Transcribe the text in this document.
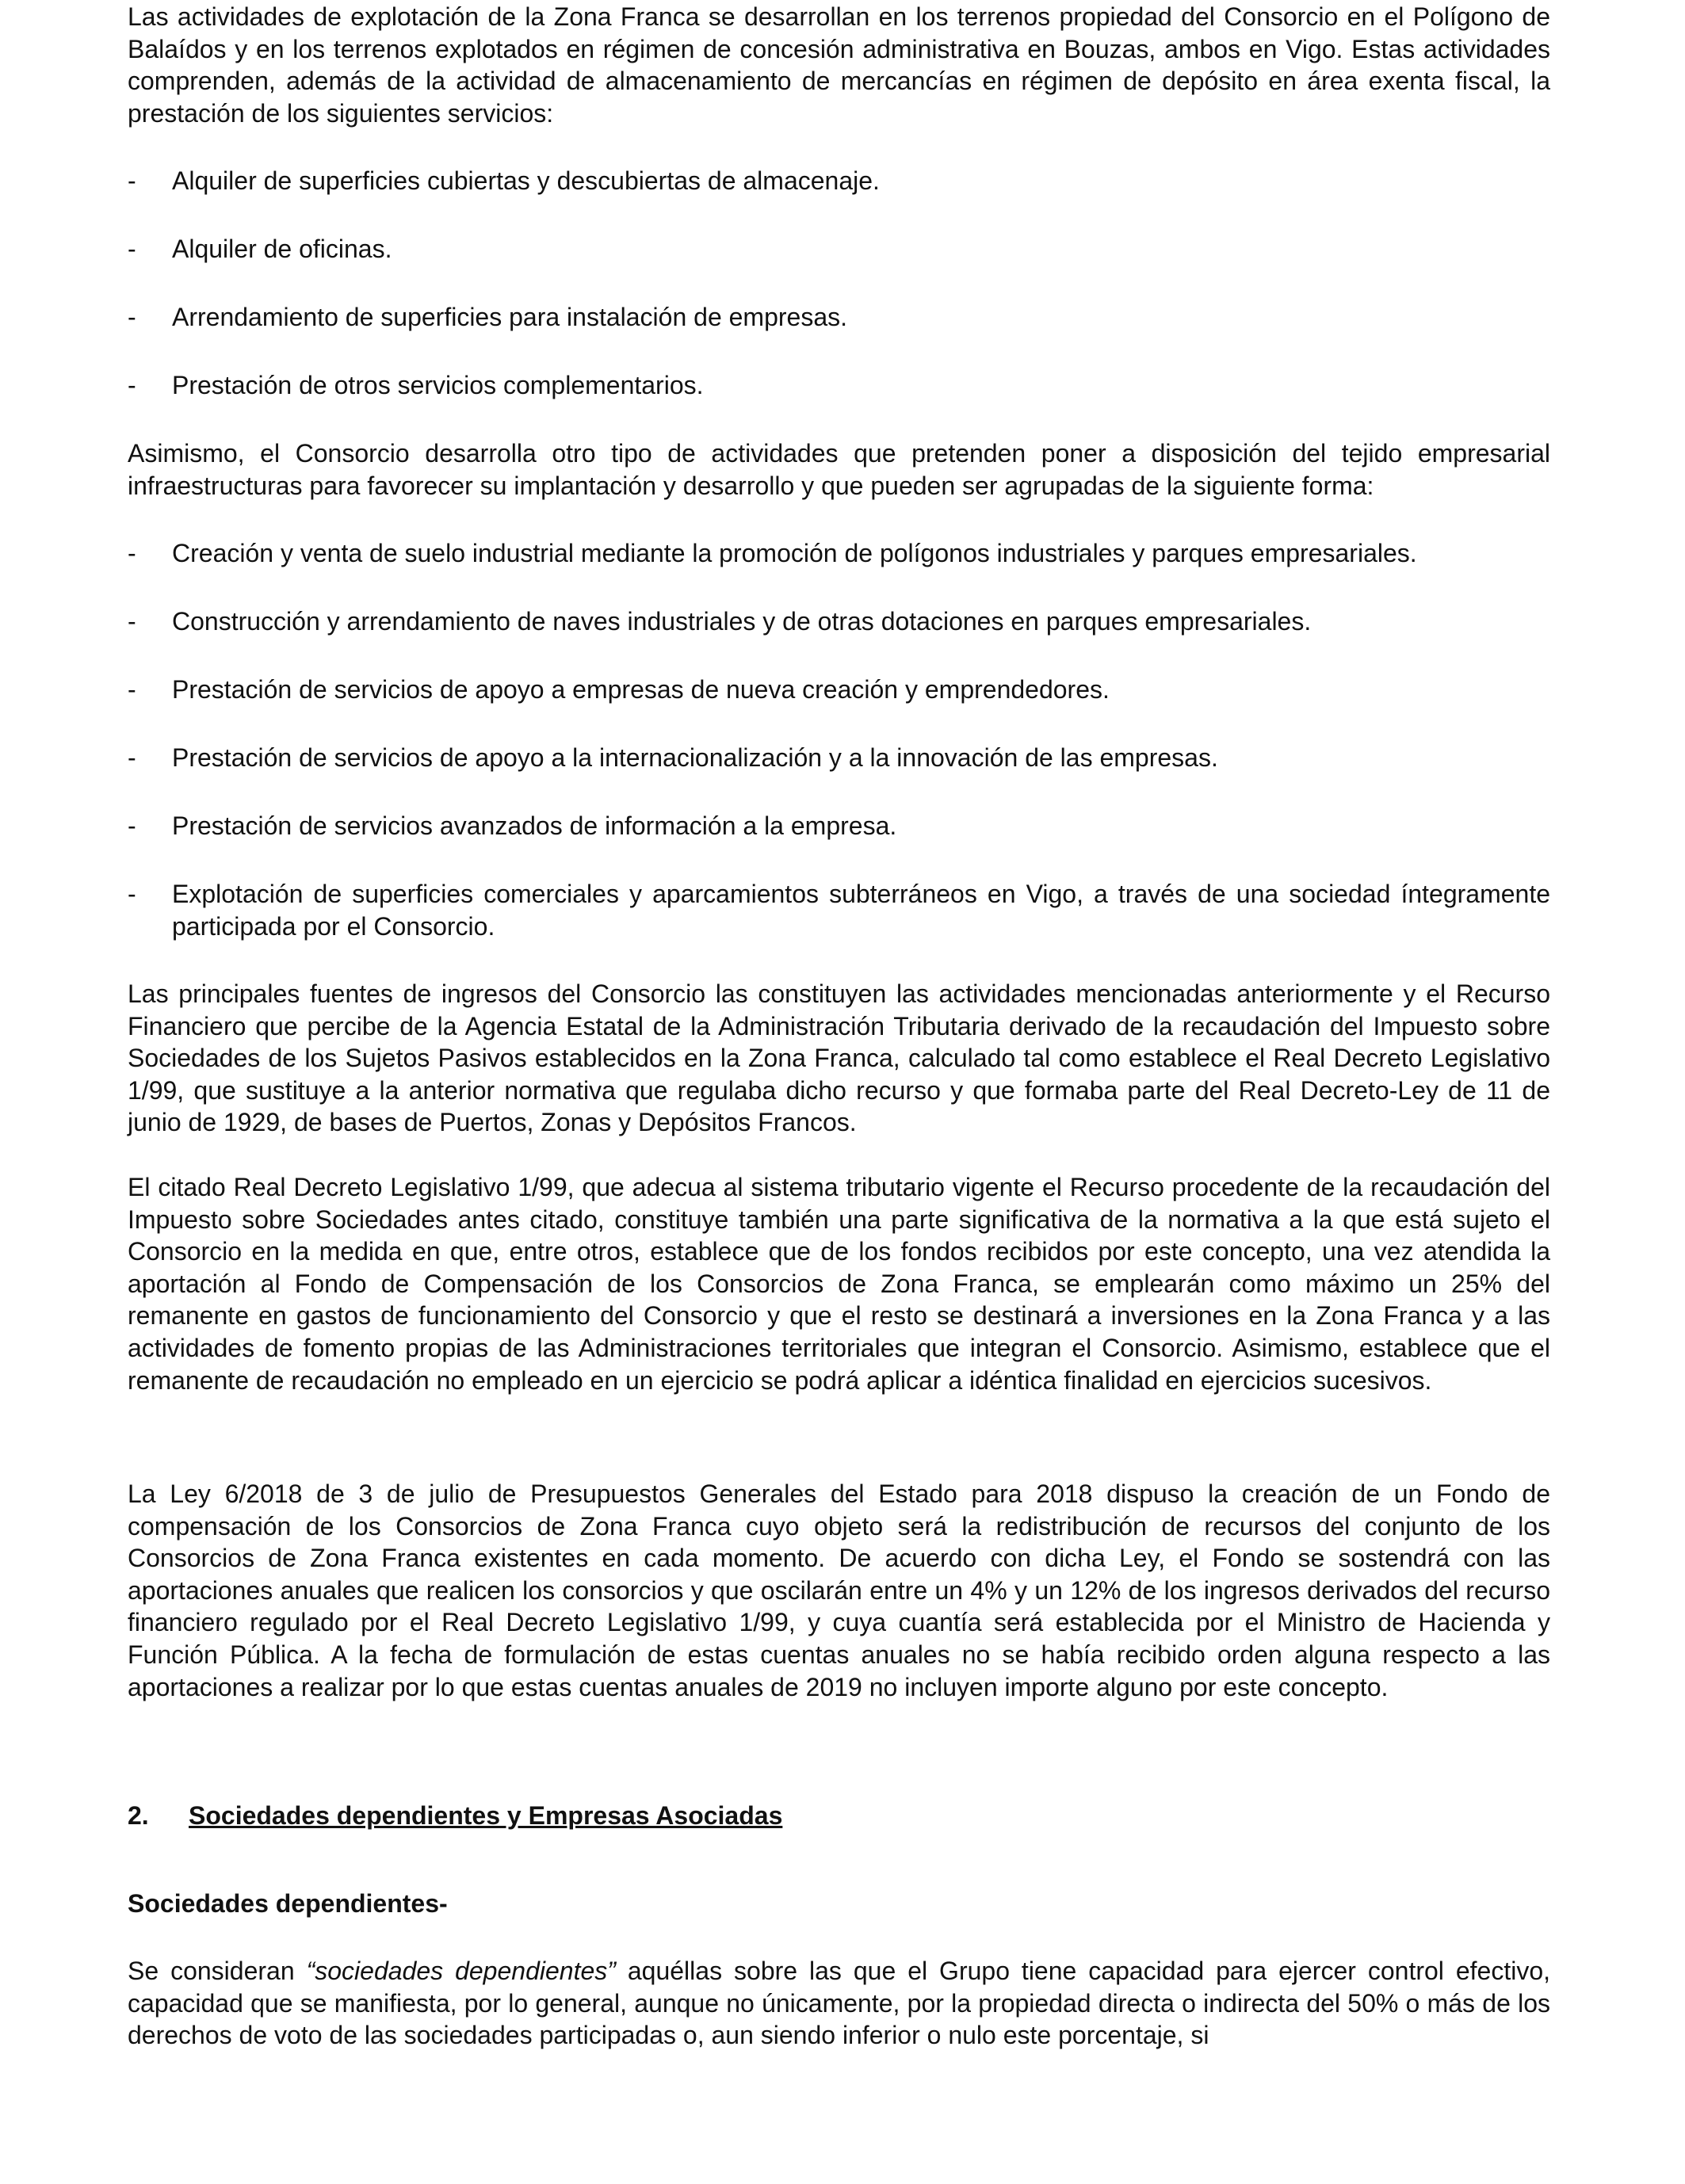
Las actividades de explotación de la Zona Franca se desarrollan en los terrenos propiedad del Consorcio en el Polígono de Balaídos y en los terrenos explotados en régimen de concesión administrativa en Bouzas, ambos en Vigo. Estas actividades comprenden, además de la actividad de almacenamiento de mercancías en régimen de depósito en área exenta fiscal, la prestación de los siguientes servicios:

- Alquiler de superficies cubiertas y descubiertas de almacenaje.
- Alquiler de oficinas.
- Arrendamiento de superficies para instalación de empresas.
- Prestación de otros servicios complementarios.

Asimismo, el Consorcio desarrolla otro tipo de actividades que pretenden poner a disposición del tejido empresarial infraestructuras para favorecer su implantación y desarrollo y que pueden ser agrupadas de la siguiente forma:

- Creación y venta de suelo industrial mediante la promoción de polígonos industriales y parques empresariales.
- Construcción y arrendamiento de naves industriales y de otras dotaciones en parques empresariales.
- Prestación de servicios de apoyo a empresas de nueva creación y emprendedores.
- Prestación de servicios de apoyo a la internacionalización y a la innovación de las empresas.
- Prestación de servicios avanzados de información a la empresa.
- Explotación de superficies comerciales y aparcamientos subterráneos en Vigo, a través de una sociedad íntegramente participada por el Consorcio.

Las principales fuentes de ingresos del Consorcio las constituyen las actividades mencionadas anteriormente y el Recurso Financiero que percibe de la Agencia Estatal de la Administración Tributaria derivado de la recaudación del Impuesto sobre Sociedades de los Sujetos Pasivos establecidos en la Zona Franca, calculado tal como establece el Real Decreto Legislativo 1/99, que sustituye a la anterior normativa que regulaba dicho recurso y que formaba parte del Real Decreto-Ley de 11 de junio de 1929, de bases de Puertos, Zonas y Depósitos Francos.

El citado Real Decreto Legislativo 1/99, que adecua al sistema tributario vigente el Recurso procedente de la recaudación del Impuesto sobre Sociedades antes citado, constituye también una parte significativa de la normativa a la que está sujeto el Consorcio en la medida en que, entre otros, establece que de los fondos recibidos por este concepto, una vez atendida la aportación al Fondo de Compensación de los Consorcios de Zona Franca, se emplearán como máximo un 25% del remanente en gastos de funcionamiento del Consorcio y que el resto se destinará a inversiones en la Zona Franca y a las actividades de fomento propias de las Administraciones territoriales que integran el Consorcio. Asimismo, establece que el remanente de recaudación no empleado en un ejercicio se podrá aplicar a idéntica finalidad en ejercicios sucesivos.

La Ley 6/2018 de 3 de julio de Presupuestos Generales del Estado para 2018 dispuso la creación de un Fondo de compensación de los Consorcios de Zona Franca cuyo objeto será la redistribución de recursos del conjunto de los Consorcios de Zona Franca existentes en cada momento. De acuerdo con dicha Ley, el Fondo se sostendrá con las aportaciones anuales que realicen los consorcios y que oscilarán entre un 4% y un 12% de los ingresos derivados del recurso financiero regulado por el Real Decreto Legislativo 1/99, y cuya cuantía será establecida por el Ministro de Hacienda y Función Pública. A la fecha de formulación de estas cuentas anuales no se había recibido orden alguna respecto a las aportaciones a realizar por lo que estas cuentas anuales de 2019 no incluyen importe alguno por este concepto.

2. Sociedades dependientes y Empresas Asociadas
Sociedades dependientes-

Se consideran “sociedades dependientes” aquéllas sobre las que el Grupo tiene capacidad para ejercer control efectivo, capacidad que se manifiesta, por lo general, aunque no únicamente, por la propiedad directa o indirecta del 50% o más de los derechos de voto de las sociedades participadas o, aun siendo inferior o nulo este porcentaje, si
